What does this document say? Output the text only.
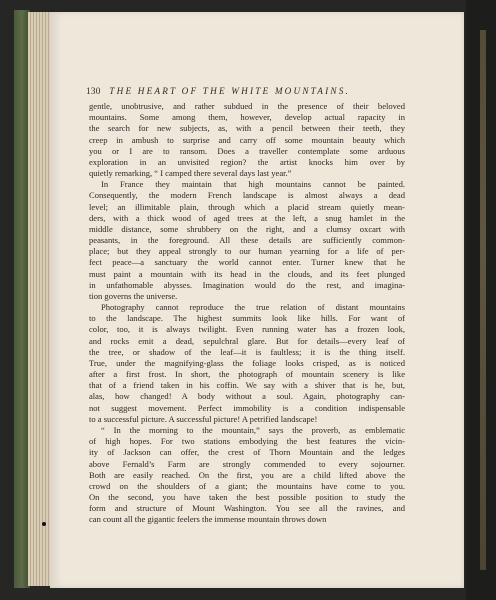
130 THE HEART OF THE WHITE MOUNTAINS.

gentle, unobtrusive, and rather subdued in the presence of their beloved
mountains. Some among them, however, develop actual rapacity in
the search for new subjects, as, with a pencil between their teeth, they
creep in ambush to surprise and carry off some mountain beauty which
you or I are to ransom. Does a traveller contemplate some arduous
exploration in an unvisited region? the artist knocks him over by
quietly remarking, “ I camped there several days last year.”

In France they maintain that high mountains cannot be painted.
Consequently, the modern French landscape is almost always a dead
level; an illimitable plain, through which a placid stream quietly mean-
ders, with a thick wood of aged trees at the left, a snug hamlet in the
middle distance, some shrubbery on the right, and a clumsy oxcart with
peasants, in the foreground. All these details are sufficiently common-
place; but they appeal strongly to our human yearning for a life of per-
fect peace—a sanctuary the world cannot enter. Turner knew that he
must paint a mountain with its head in the clouds, and its feet plunged
in unfathomable abysses. Imagination would do the rest, and imagina-
tion governs the universe.

Photography cannot reproduce the true relation of distant mountains
to the landscape. The highest summits look like hills. For want of
color, too, it is always twilight. Even running water has a frozen look,
and rocks emit a dead, sepulchral glare. But for details—every leaf of
the tree, or shadow of the leaf—it is faultless; it is the thing itself.
True, under the magnifying-glass the foliage looks crisped, as is noticed
after a first frost. In short, the photograph of mountain scenery is like
that of a friend taken in his coffin. We say with a shiver that is he, but,
alas, how changed! A body without a soul. Again, photography can-
not suggest movement. Perfect immobility is a condition indispensable
to a successful picture. A successful picture! A petrified landscape!

“ In the morning to the mountain,” says the proverb, as emblematic
of high hopes. For two stations embodying the best features the vicin-
ity of Jackson can offer, the crest of Thorn Mountain and the ledges
above Fernald’s Farm are strongly commended to every sojourner.
Both are easily reached. On the first, you are a child lifted above the
crowd on the shoulders of a giant; the mountains have come to you.
On the second, you have taken the best possible position to study the
form and structure of Mount Washington. You see all the ravines, and
can count all the gigantic feelers the immense mountain throws down
